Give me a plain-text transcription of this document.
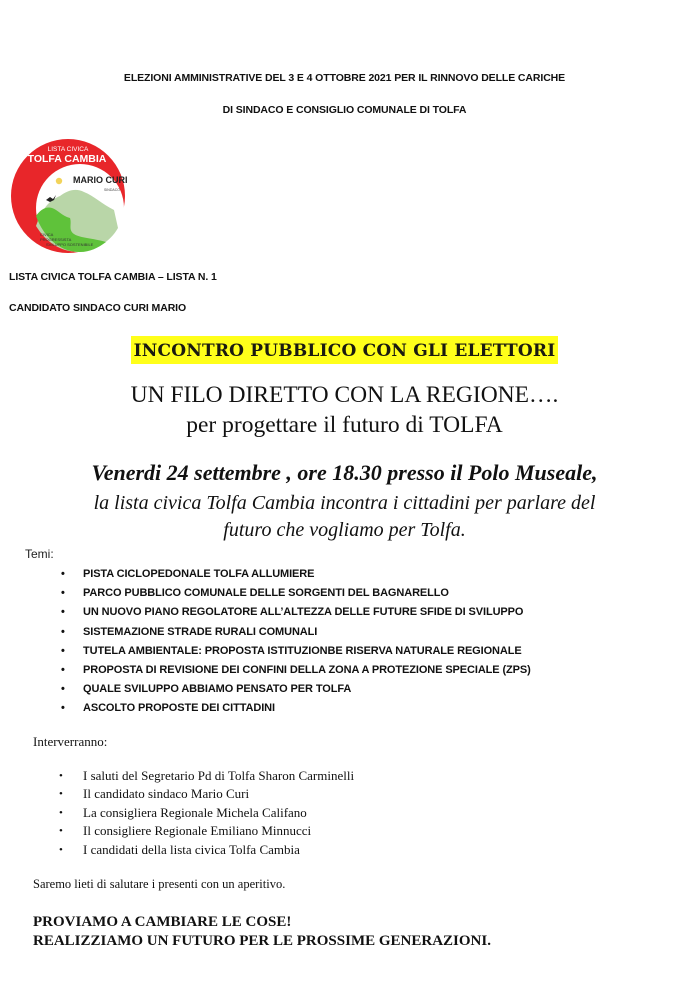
ELEZIONI AMMINISTRATIVE DEL 3 E 4 OTTOBRE 2021 PER IL RINNOVO DELLE CARICHE
DI SINDACO E CONSIGLIO COMUNALE DI TOLFA
LISTA CIVICA
TOLFA CAMBIA
MARIO CURI
SINDACO
CIVICA
PROGRESSISTA
SVILUPPO SOSTENIBILE
LISTA CIVICA TOLFA CAMBIA – LISTA N. 1
CANDIDATO SINDACO CURI MARIO
INCONTRO PUBBLICO CON GLI ELETTORI
UN FILO DIRETTO CON LA REGIONE….
per progettare il futuro di TOLFA
Venerdi 24 settembre , ore 18.30 presso il Polo Museale,
la lista civica Tolfa Cambia incontra i cittadini per parlare del
futuro che vogliamo per Tolfa.
Temi:
• PISTA CICLOPEDONALE TOLFA ALLUMIERE
• PARCO PUBBLICO COMUNALE DELLE SORGENTI DEL BAGNARELLO
• UN NUOVO PIANO REGOLATORE ALL’ALTEZZA DELLE FUTURE SFIDE DI SVILUPPO
• SISTEMAZIONE STRADE RURALI COMUNALI
• TUTELA AMBIENTALE: PROPOSTA ISTITUZIONBE RISERVA NATURALE REGIONALE
• PROPOSTA DI REVISIONE DEI CONFINI DELLA ZONA A PROTEZIONE SPECIALE (ZPS)
• QUALE SVILUPPO ABBIAMO PENSATO PER TOLFA
• ASCOLTO PROPOSTE DEI CITTADINI
Interverranno:
• I saluti del Segretario Pd di Tolfa Sharon Carminelli
• Il candidato sindaco Mario Curi
• La consigliera Regionale Michela Califano
• Il consigliere Regionale Emiliano Minnucci
• I candidati della lista civica Tolfa Cambia
Saremo lieti di salutare i presenti con un aperitivo.
PROVIAMO A CAMBIARE LE COSE!
REALIZZIAMO UN FUTURO PER LE PROSSIME GENERAZIONI.
